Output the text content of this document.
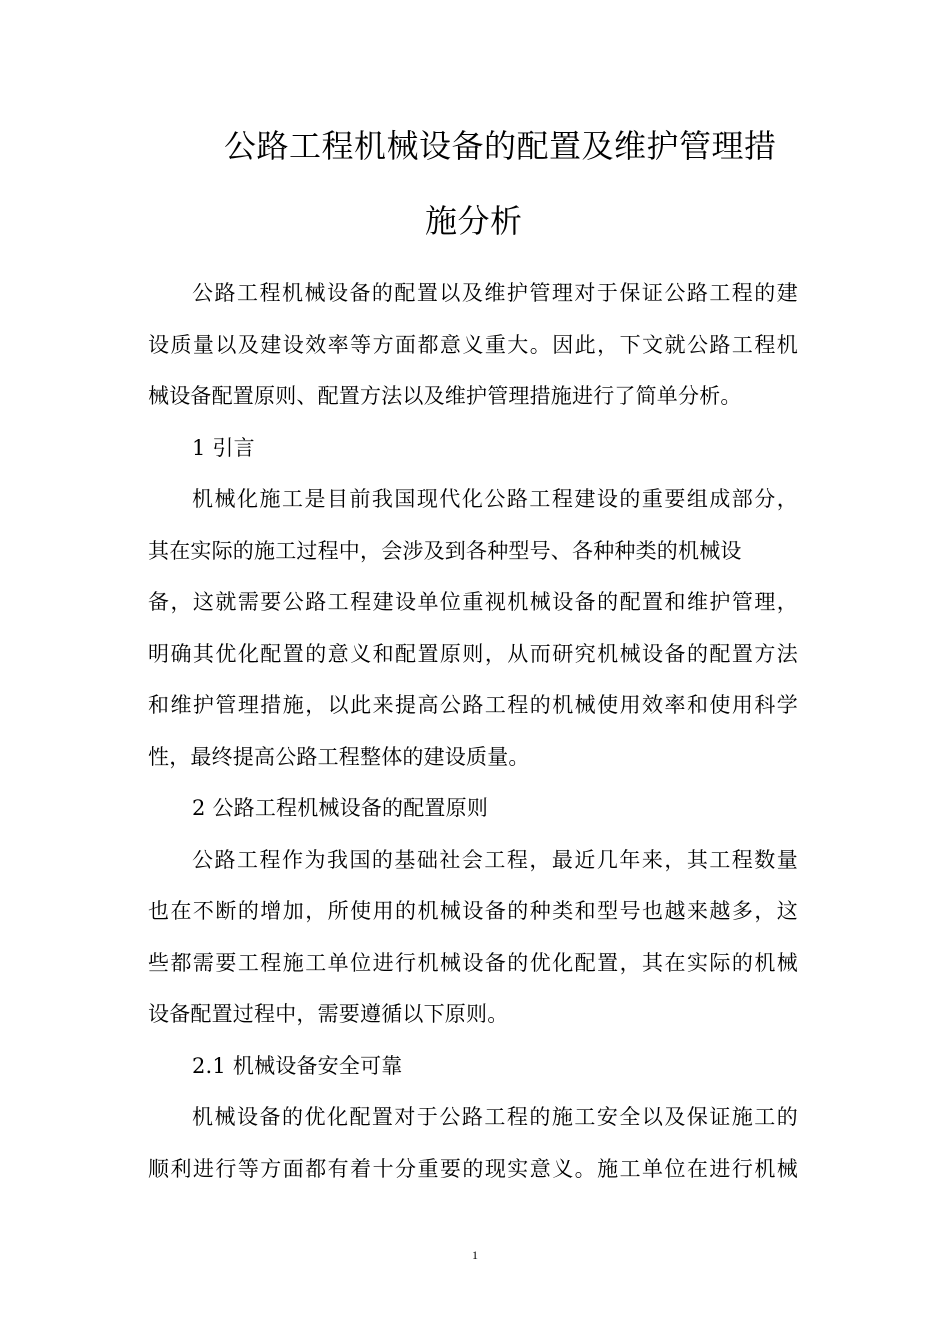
公路工程机械设备的配置及维护管理措
施分析
公路工程机械设备的配置以及维护管理对于保证公路工程的建
设质量以及建设效率等方面都意义重大。因此，下文就公路工程机
械设备配置原则、配置方法以及维护管理措施进行了简单分析。
1 引言
机械化施工是目前我国现代化公路工程建设的重要组成部分，
其在实际的施工过程中，会涉及到各种型号、各种种类的机械设
备，这就需要公路工程建设单位重视机械设备的配置和维护管理，
明确其优化配置的意义和配置原则，从而研究机械设备的配置方法
和维护管理措施，以此来提高公路工程的机械使用效率和使用科学
性，最终提高公路工程整体的建设质量。
2 公路工程机械设备的配置原则
公路工程作为我国的基础社会工程，最近几年来，其工程数量
也在不断的增加，所使用的机械设备的种类和型号也越来越多，这
些都需要工程施工单位进行机械设备的优化配置，其在实际的机械
设备配置过程中，需要遵循以下原则。
2.1 机械设备安全可靠
机械设备的优化配置对于公路工程的施工安全以及保证施工的
顺利进行等方面都有着十分重要的现实意义。施工单位在进行机械
1
